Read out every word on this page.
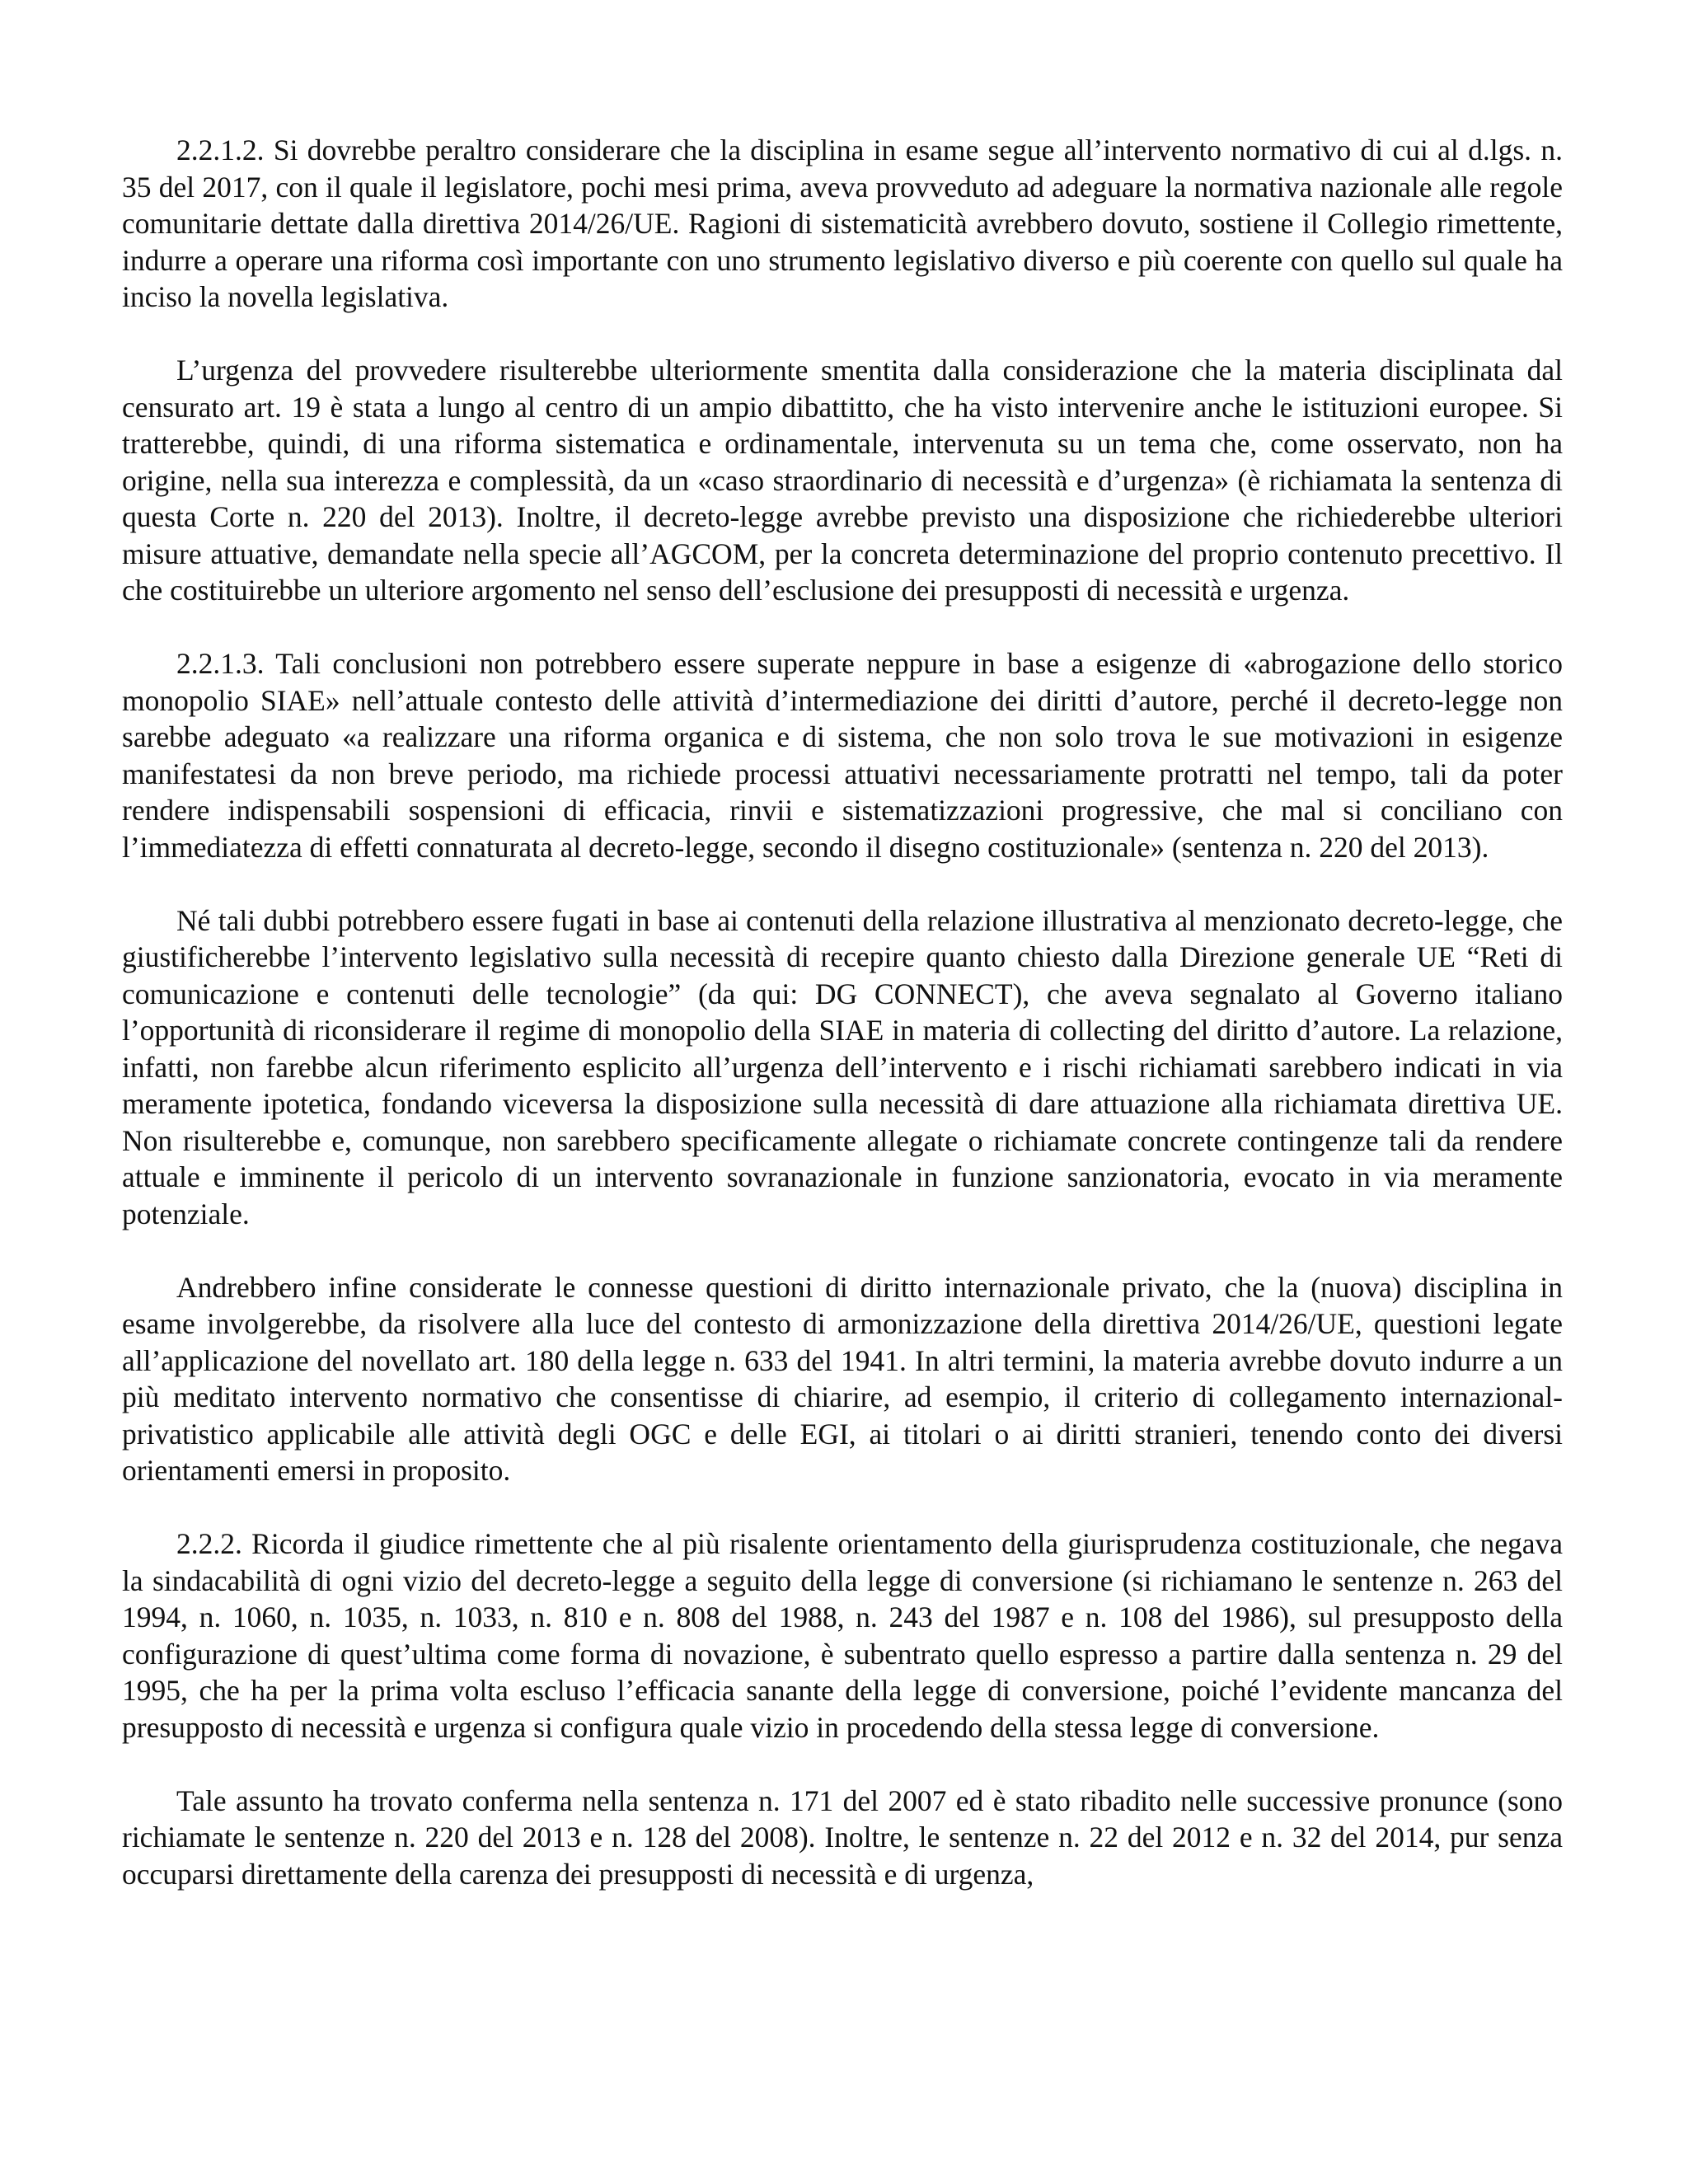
2.2.1.2. Si dovrebbe peraltro considerare che la disciplina in esame segue all’intervento normativo di cui al d.lgs. n. 35 del 2017, con il quale il legislatore, pochi mesi prima, aveva provveduto ad adeguare la normativa nazionale alle regole comunitarie dettate dalla direttiva 2014/26/UE. Ragioni di sistematicità avrebbero dovuto, sostiene il Collegio rimettente, indurre a operare una riforma così importante con uno strumento legislativo diverso e più coerente con quello sul quale ha inciso la novella legislativa.

L’urgenza del provvedere risulterebbe ulteriormente smentita dalla considerazione che la materia disciplinata dal censurato art. 19 è stata a lungo al centro di un ampio dibattitto, che ha visto intervenire anche le istituzioni europee. Si tratterebbe, quindi, di una riforma sistematica e ordinamentale, intervenuta su un tema che, come osservato, non ha origine, nella sua interezza e complessità, da un «caso straordinario di necessità e d’urgenza» (è richiamata la sentenza di questa Corte n. 220 del 2013). Inoltre, il decreto-legge avrebbe previsto una disposizione che richiederebbe ulteriori misure attuative, demandate nella specie all’AGCOM, per la concreta determinazione del proprio contenuto precettivo. Il che costituirebbe un ulteriore argomento nel senso dell’esclusione dei presupposti di necessità e urgenza.

2.2.1.3. Tali conclusioni non potrebbero essere superate neppure in base a esigenze di «abrogazione dello storico monopolio SIAE» nell’attuale contesto delle attività d’intermediazione dei diritti d’autore, perché il decreto-legge non sarebbe adeguato «a realizzare una riforma organica e di sistema, che non solo trova le sue motivazioni in esigenze manifestatesi da non breve periodo, ma richiede processi attuativi necessariamente protratti nel tempo, tali da poter rendere indispensabili sospensioni di efficacia, rinvii e sistematizzazioni progressive, che mal si conciliano con l’immediatezza di effetti connaturata al decreto-legge, secondo il disegno costituzionale» (sentenza n. 220 del 2013).

Né tali dubbi potrebbero essere fugati in base ai contenuti della relazione illustrativa al menzionato decreto-legge, che giustificherebbe l’intervento legislativo sulla necessità di recepire quanto chiesto dalla Direzione generale UE “Reti di comunicazione e contenuti delle tecnologie” (da qui: DG CONNECT), che aveva segnalato al Governo italiano l’opportunità di riconsiderare il regime di monopolio della SIAE in materia di collecting del diritto d’autore. La relazione, infatti, non farebbe alcun riferimento esplicito all’urgenza dell’intervento e i rischi richiamati sarebbero indicati in via meramente ipotetica, fondando viceversa la disposizione sulla necessità di dare attuazione alla richiamata direttiva UE. Non risulterebbe e, comunque, non sarebbero specificamente allegate o richiamate concrete contingenze tali da rendere attuale e imminente il pericolo di un intervento sovranazionale in funzione sanzionatoria, evocato in via meramente potenziale.

Andrebbero infine considerate le connesse questioni di diritto internazionale privato, che la (nuova) disciplina in esame involgerebbe, da risolvere alla luce del contesto di armonizzazione della direttiva 2014/26/UE, questioni legate all’applicazione del novellato art. 180 della legge n. 633 del 1941. In altri termini, la materia avrebbe dovuto indurre a un più meditato intervento normativo che consentisse di chiarire, ad esempio, il criterio di collegamento internazional-privatistico applicabile alle attività degli OGC e delle EGI, ai titolari o ai diritti stranieri, tenendo conto dei diversi orientamenti emersi in proposito.

2.2.2. Ricorda il giudice rimettente che al più risalente orientamento della giurisprudenza costituzionale, che negava la sindacabilità di ogni vizio del decreto-legge a seguito della legge di conversione (si richiamano le sentenze n. 263 del 1994, n. 1060, n. 1035, n. 1033, n. 810 e n. 808 del 1988, n. 243 del 1987 e n. 108 del 1986), sul presupposto della configurazione di quest’ultima come forma di novazione, è subentrato quello espresso a partire dalla sentenza n. 29 del 1995, che ha per la prima volta escluso l’efficacia sanante della legge di conversione, poiché l’evidente mancanza del presupposto di necessità e urgenza si configura quale vizio in procedendo della stessa legge di conversione.

Tale assunto ha trovato conferma nella sentenza n. 171 del 2007 ed è stato ribadito nelle successive pronunce (sono richiamate le sentenze n. 220 del 2013 e n. 128 del 2008). Inoltre, le sentenze n. 22 del 2012 e n. 32 del 2014, pur senza occuparsi direttamente della carenza dei presupposti di necessità e di urgenza,
